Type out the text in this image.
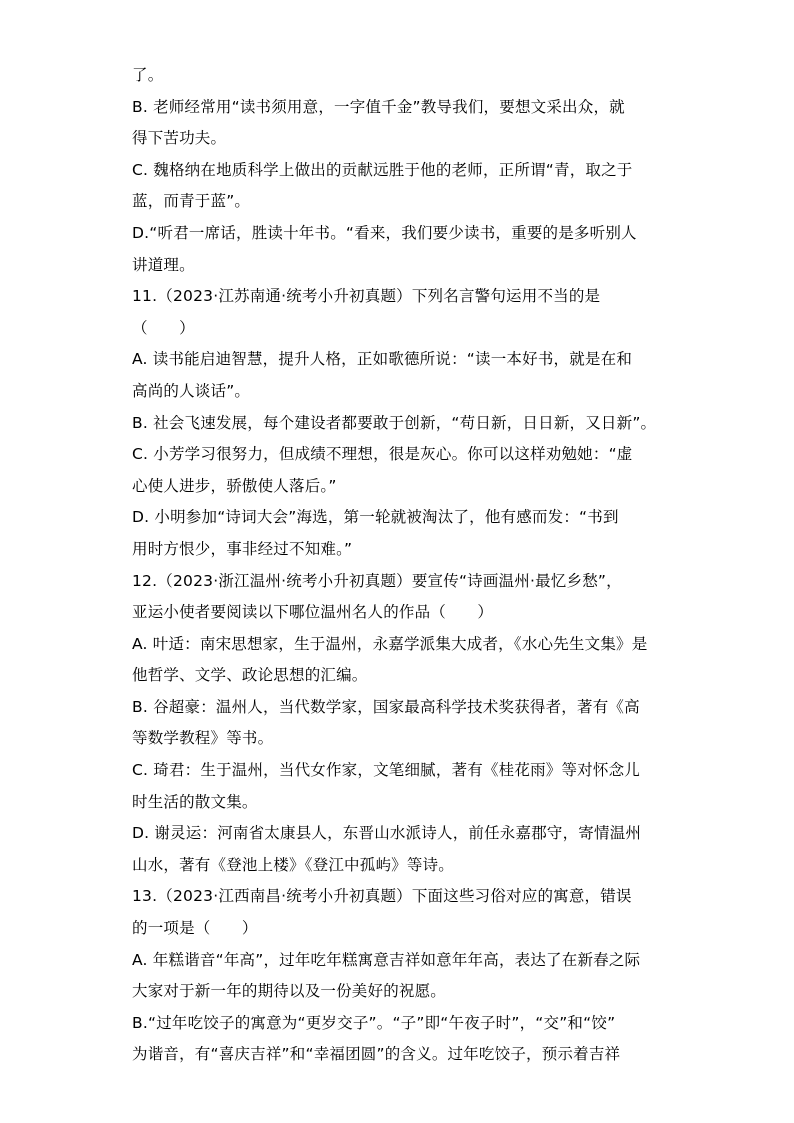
了。
B. 老师经常用“读书须用意，一字值千金”教导我们，要想文采出众，就
得下苦功夫。
C. 魏格纳在地质科学上做出的贡献远胜于他的老师，正所谓“青，取之于
蓝，而青于蓝”。
D.“听君一席话，胜读十年书。“看来，我们要少读书，重要的是多听别人
讲道理。
11.（2023·江苏南通·统考小升初真题）下列名言警句运用不当的是
（　　）
A. 读书能启迪智慧，提升人格，正如歌德所说：“读一本好书，就是在和
高尚的人谈话”。
B. 社会飞速发展，每个建设者都要敢于创新，“苟日新，日日新，又日新”。
C. 小芳学习很努力，但成绩不理想，很是灰心。你可以这样劝勉她：“虚
心使人进步，骄傲使人落后。”
D. 小明参加“诗词大会”海选，第一轮就被淘汰了，他有感而发：“书到
用时方恨少，事非经过不知难。”
12.（2023·浙江温州·统考小升初真题）要宣传“诗画温州·最忆乡愁”，
亚运小使者要阅读以下哪位温州名人的作品（　　）
A. 叶适：南宋思想家，生于温州，永嘉学派集大成者，《水心先生文集》是
他哲学、文学、政论思想的汇编。
B. 谷超豪：温州人，当代数学家，国家最高科学技术奖获得者，著有《高
等数学教程》等书。
C. 琦君：生于温州，当代女作家，文笔细腻，著有《桂花雨》等对怀念儿
时生活的散文集。
D. 谢灵运：河南省太康县人，东晋山水派诗人，前任永嘉郡守，寄情温州
山水，著有《登池上楼》《登江中孤屿》等诗。
13.（2023·江西南昌·统考小升初真题）下面这些习俗对应的寓意，错误
的一项是（　　）
A. 年糕谐音“年高”，过年吃年糕寓意吉祥如意年年高，表达了在新春之际
大家对于新一年的期待以及一份美好的祝愿。
B.“过年吃饺子的寓意为“更岁交子”。“子”即“午夜子时”，“交”和“饺”
为谐音，有“喜庆吉祥”和“幸福团圆”的含义。过年吃饺子，预示着吉祥
